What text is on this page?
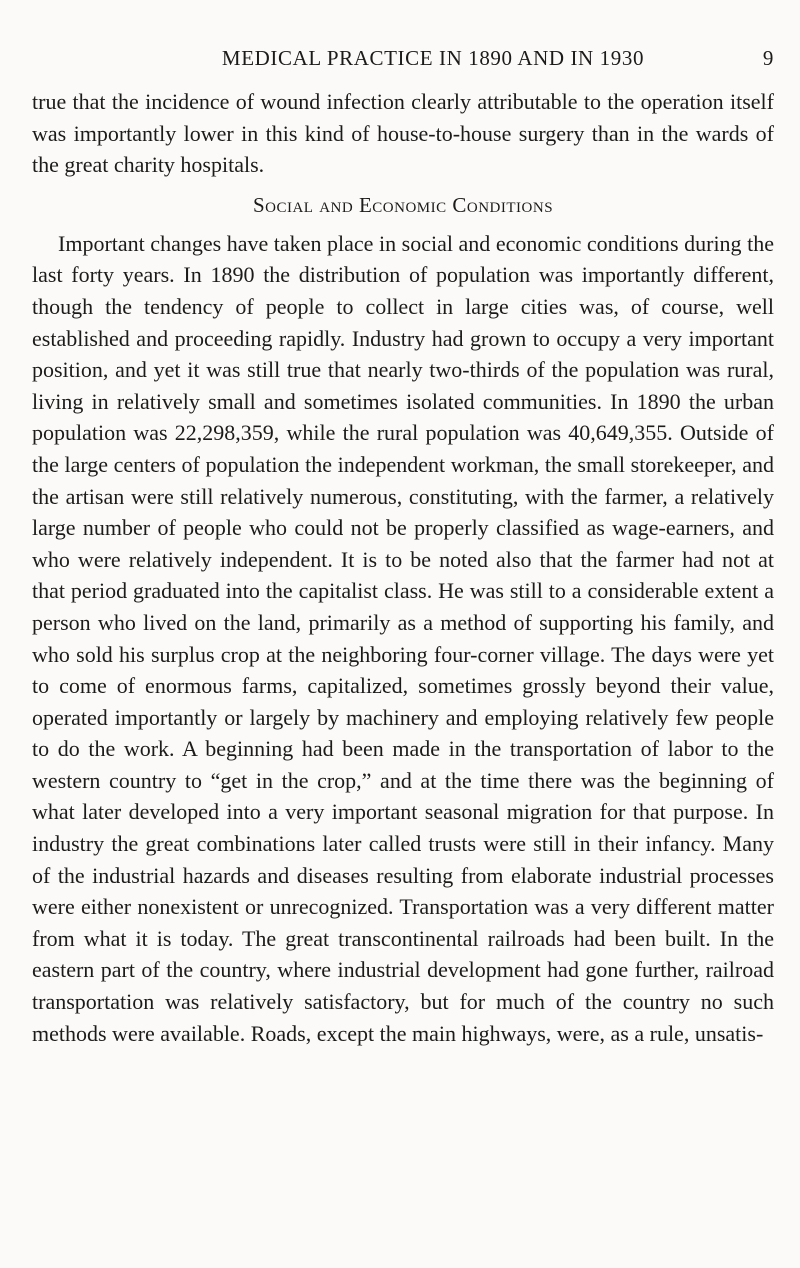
MEDICAL PRACTICE IN 1890 AND IN 1930	9

true that the incidence of wound infection clearly attributable to the operation itself was importantly lower in this kind of house-to-house surgery than in the wards of the great charity hospitals.

Social and Economic Conditions

Important changes have taken place in social and economic conditions during the last forty years. In 1890 the distribution of population was importantly different, though the tendency of people to collect in large cities was, of course, well established and proceeding rapidly. Industry had grown to occupy a very important position, and yet it was still true that nearly two-thirds of the population was rural, living in relatively small and sometimes isolated communities. In 1890 the urban population was 22,298,359, while the rural population was 40,649,355. Outside of the large centers of population the independent workman, the small storekeeper, and the artisan were still relatively numerous, constituting, with the farmer, a relatively large number of people who could not be properly classified as wage-earners, and who were relatively independent. It is to be noted also that the farmer had not at that period graduated into the capitalist class. He was still to a considerable extent a person who lived on the land, primarily as a method of supporting his family, and who sold his surplus crop at the neighboring four-corner village. The days were yet to come of enormous farms, capitalized, sometimes grossly beyond their value, operated importantly or largely by machinery and employing relatively few people to do the work. A beginning had been made in the transportation of labor to the western country to “get in the crop,” and at the time there was the beginning of what later developed into a very important seasonal migration for that purpose. In industry the great combinations later called trusts were still in their infancy. Many of the industrial hazards and diseases resulting from elaborate industrial processes were either nonexistent or unrecognized. Transportation was a very different matter from what it is today. The great transcontinental railroads had been built. In the eastern part of the country, where industrial development had gone further, railroad transportation was relatively satisfactory, but for much of the country no such methods were available. Roads, except the main highways, were, as a rule, unsatis-
